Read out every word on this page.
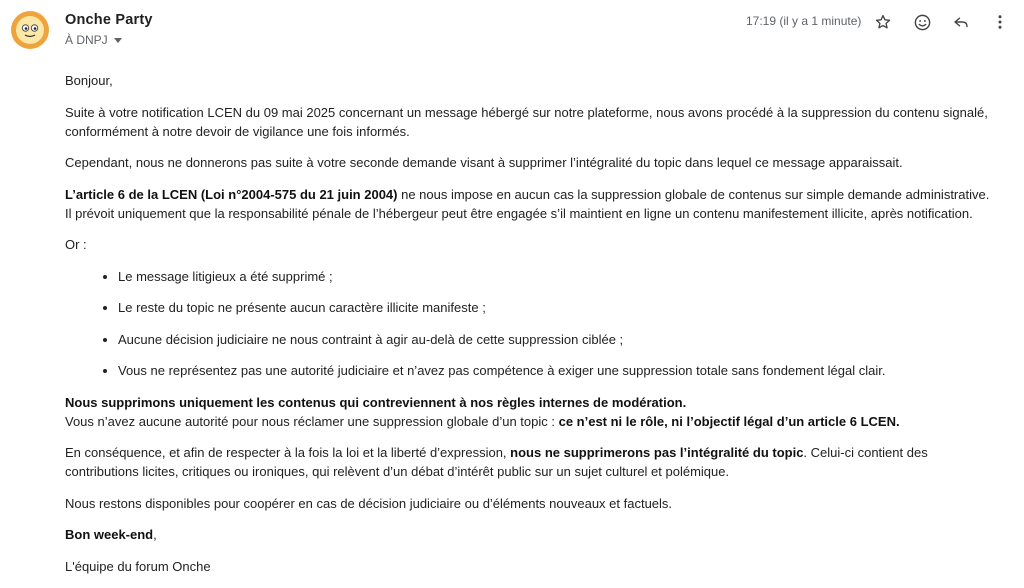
Onche Party
À DNPJ
17:19 (il y a 1 minute)

Bonjour,

Suite à votre notification LCEN du 09 mai 2025 concernant un message hébergé sur notre plateforme, nous avons procédé à la suppression du contenu signalé, conformément à notre devoir de vigilance une fois informés.

Cependant, nous ne donnerons pas suite à votre seconde demande visant à supprimer l’intégralité du topic dans lequel ce message apparaissait.

L’article 6 de la LCEN (Loi n°2004-575 du 21 juin 2004) ne nous impose en aucun cas la suppression globale de contenus sur simple demande administrative. Il prévoit uniquement que la responsabilité pénale de l’hébergeur peut être engagée s’il maintient en ligne un contenu manifestement illicite, après notification.

Or :

• Le message litigieux a été supprimé ;
• Le reste du topic ne présente aucun caractère illicite manifeste ;
• Aucune décision judiciaire ne nous contraint à agir au-delà de cette suppression ciblée ;
• Vous ne représentez pas une autorité judiciaire et n’avez pas compétence à exiger une suppression totale sans fondement légal clair.

Nous supprimons uniquement les contenus qui contreviennent à nos règles internes de modération.
Vous n’avez aucune autorité pour nous réclamer une suppression globale d’un topic : ce n’est ni le rôle, ni l’objectif légal d’un article 6 LCEN.

En conséquence, et afin de respecter à la fois la loi et la liberté d’expression, nous ne supprimerons pas l’intégralité du topic. Celui-ci contient des contributions licites, critiques ou ironiques, qui relèvent d’un débat d’intérêt public sur un sujet culturel et polémique.

Nous restons disponibles pour coopérer en cas de décision judiciaire ou d’éléments nouveaux et factuels.

Bon week-end,

L'équipe du forum Onche
